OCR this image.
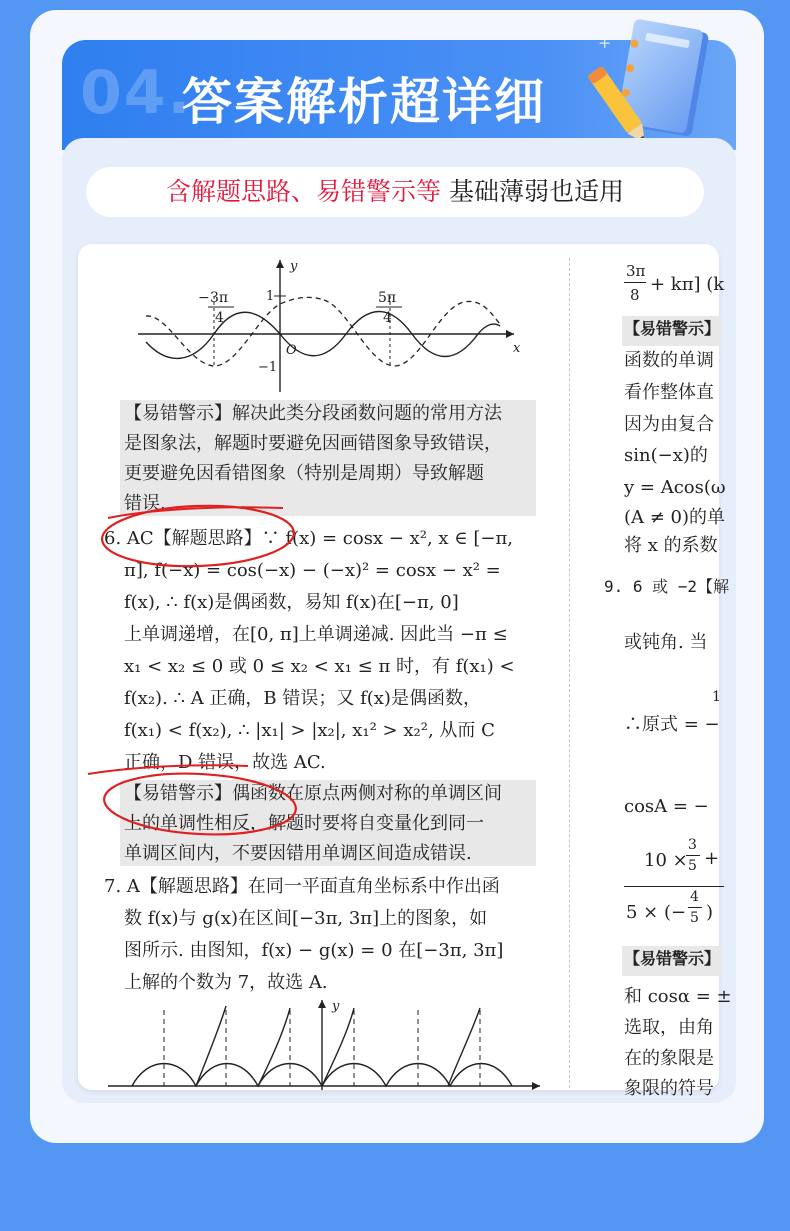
04.
答案解析超详细
+
含解题思路、易错警示等 基础薄弱也适用
y
x
1
−1
O
− 3π
4
5π
4
【易错警示】解决此类分段函数问题的常用方法
是图象法，解题时要避免因画错图象导致错误，
更要避免因看错图象（特别是周期）导致解题
错误.
6. AC【解题思路】∵ f(x) = cosx − x², x ∈ [−π,
π], f(−x) = cos(−x) − (−x)² = cosx − x² =
f(x), ∴ f(x)是偶函数，易知 f(x)在[−π, 0]
上单调递增，在[0, π]上单调递减. 因此当 −π ≤
x₁ < x₂ ≤ 0 或 0 ≤ x₂ < x₁ ≤ π 时，有 f(x₁) <
f(x₂). ∴ A 正确，B 错误；又 f(x)是偶函数，
f(x₁) < f(x₂), ∴ |x₁| > |x₂|, x₁² > x₂², 从而 C
正确，D 错误，故选 AC.
【易错警示】偶函数在原点两侧对称的单调区间
上的单调性相反，解题时要将自变量化到同一
单调区间内，不要因错用单调区间造成错误.
7. A【解题思路】在同一平面直角坐标系中作出函
数 f(x)与 g(x)在区间[−3π, 3π]上的图象，如
图所示. 由图知，f(x) − g(x) = 0 在[−3π, 3π]
上解的个数为 7，故选 A.
y
3π
8 + kπ] (k
【易错警示】
函数的单调
看作整体直
因为由复合
sin(−x)的
y = Acos(ω
(A ≠ 0)的单
将 x 的系数
9. 6 或 −2【解
或钝角. 当
1
∴原式 = −
cosA = −
10 ×
3
5 +
5 × (−
4
5 )
【易错警示】
和 cosα = ±
选取，由角
在的象限是
象限的符号
